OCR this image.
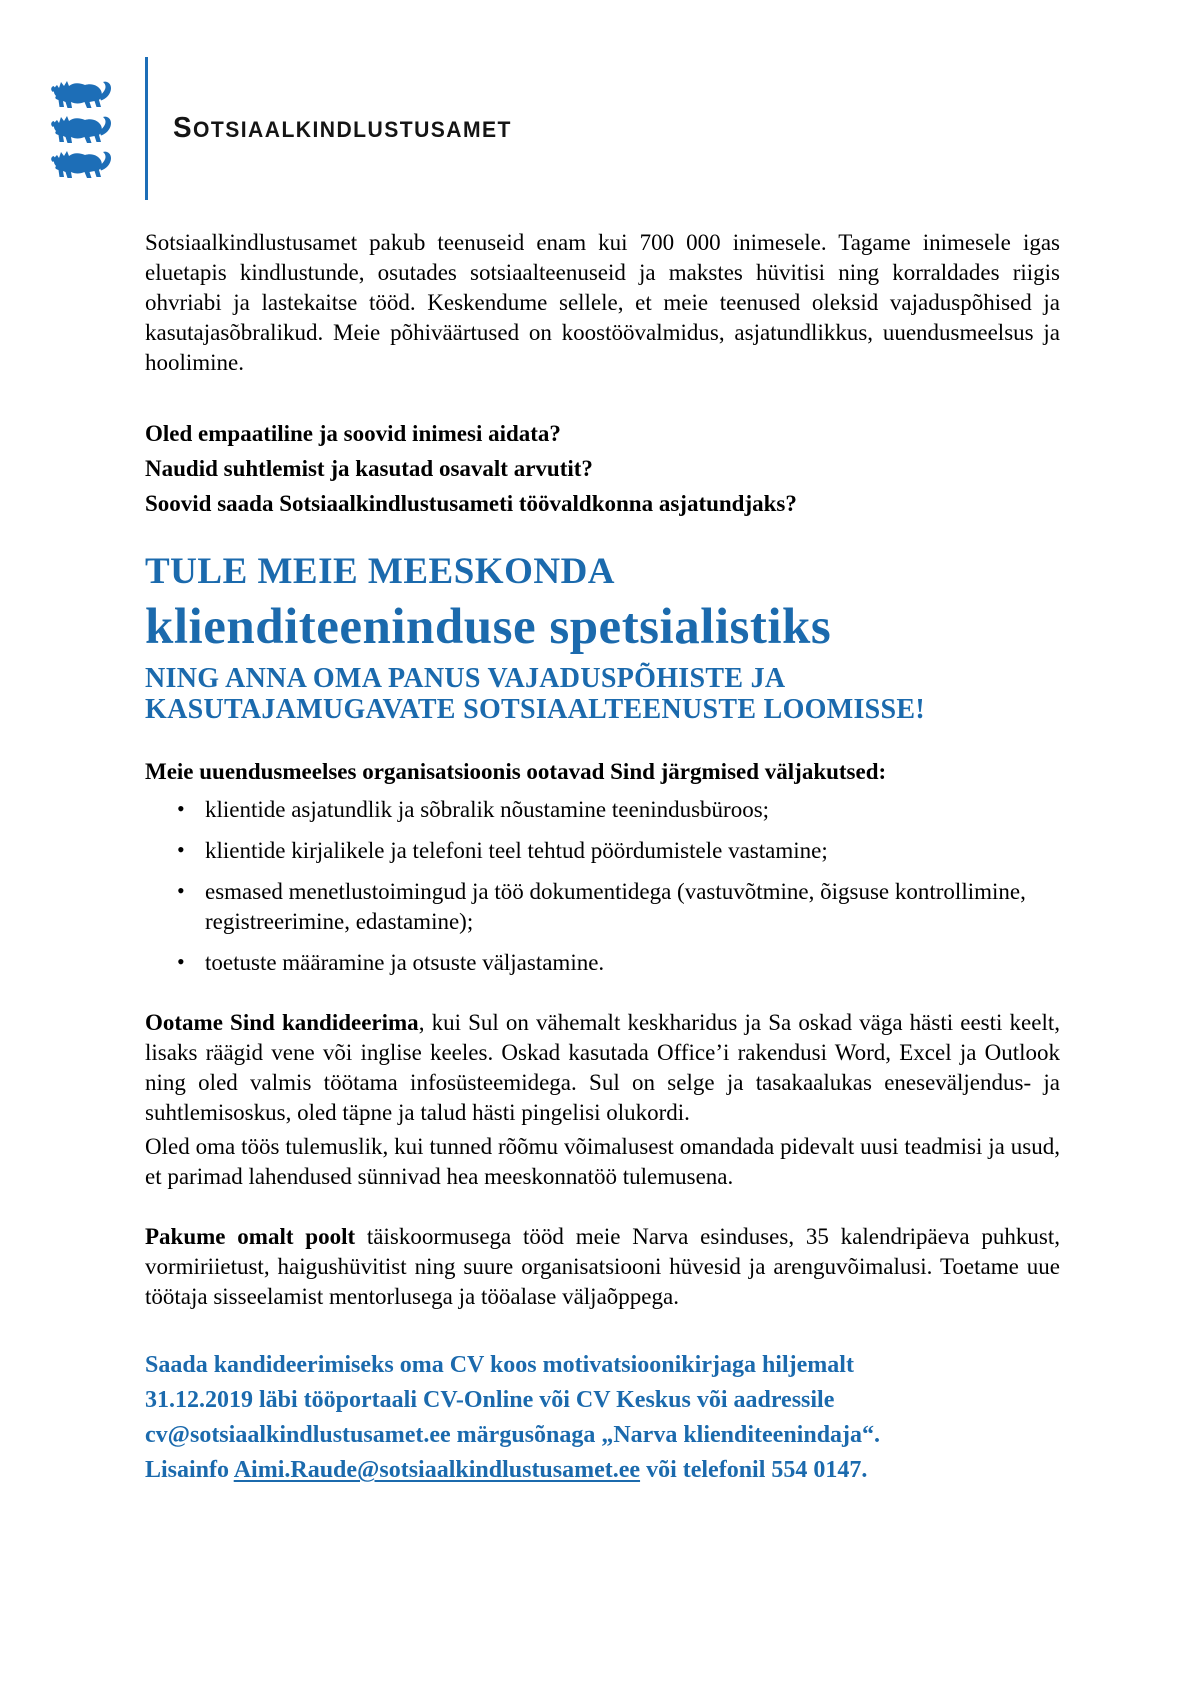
SOTSIAALKINDLUSTUSAMET

Sotsiaalkindlustusamet pakub teenuseid enam kui 700 000 inimesele. Tagame inimesele igas eluetapis kindlustunde, osutades sotsiaalteenuseid ja makstes hüvitisi ning korraldades riigis ohvriabi ja lastekaitse tööd. Keskendume sellele, et meie teenused oleksid vajaduspõhised ja kasutajasõbralikud. Meie põhiväärtused on koostöövalmidus, asjatundlikkus, uuendusmeelsus ja hoolimine.

Oled empaatiline ja soovid inimesi aidata?
Naudid suhtlemist ja kasutad osavalt arvutit?
Soovid saada Sotsiaalkindlustusameti töövaldkonna asjatundjaks?
TULE MEIE MEESKONDA
klienditeeninduse spetsialistiks
NING ANNA OMA PANUS VAJADUSPÕHISTE JA
KASUTAJAMUGAVATE SOTSIAALTEENUSTE LOOMISSE!

Meie uuendusmeelses organisatsioonis ootavad Sind järgmised väljakutsed:

• klientide asjatundlik ja sõbralik nõustamine teenindusbüroos;
• klientide kirjalikele ja telefoni teel tehtud pöördumistele vastamine;
• esmased menetlustoimingud ja töö dokumentidega (vastuvõtmine, õigsuse kontrollimine, registreerimine, edastamine);
• toetuste määramine ja otsuste väljastamine.

Ootame Sind kandideerima, kui Sul on vähemalt keskharidus ja Sa oskad väga hästi eesti keelt, lisaks räägid vene või inglise keeles. Oskad kasutada Office’i rakendusi Word, Excel ja Outlook ning oled valmis töötama infosüsteemidega. Sul on selge ja tasakaalukas eneseväljendus- ja suhtlemisoskus, oled täpne ja talud hästi pingelisi olukordi.

Oled oma töös tulemuslik, kui tunned rõõmu võimalusest omandada pidevalt uusi teadmisi ja usud, et parimad lahendused sünnivad hea meeskonnatöö tulemusena.

Pakume omalt poolt täiskoormusega tööd meie Narva esinduses, 35 kalendripäeva puhkust, vormiriietust, haigushüvitist ning suure organisatsiooni hüvesid ja arenguvõimalusi. Toetame uue töötaja sisseelamist mentorlusega ja tööalase väljaõppega.

Saada kandideerimiseks oma CV koos motivatsioonikirjaga hiljemalt
31.12.2019 läbi tööportaali CV-Online või CV Keskus või aadressile
cv@sotsiaalkindlustusamet.ee märgusõnaga „Narva klienditeenindaja“.
Lisainfo Aimi.Raude@sotsiaalkindlustusamet.ee või telefonil 554 0147.
